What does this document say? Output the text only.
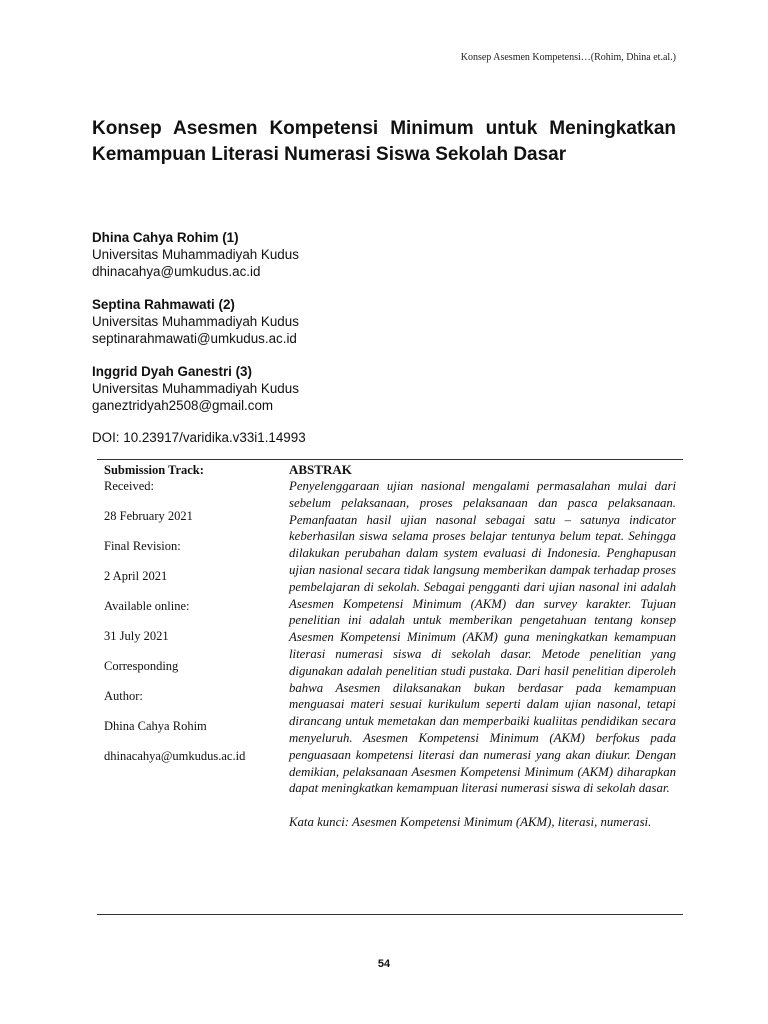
Konsep Asesmen Kompetensi…(Rohim, Dhina et.al.)
Konsep Asesmen Kompetensi Minimum untuk Meningkatkan Kemampuan Literasi Numerasi Siswa Sekolah Dasar
Dhina Cahya Rohim (1)
Universitas Muhammadiyah Kudus
dhinacahya@umkudus.ac.id
Septina Rahmawati (2)
Universitas Muhammadiyah Kudus
septinarahmawati@umkudus.ac.id
Inggrid Dyah Ganestri (3)
Universitas Muhammadiyah Kudus
ganeztridyah2508@gmail.com
DOI: 10.23917/varidika.v33i1.14993
Submission Track:
Received:
28 February 2021
Final Revision:
2 April 2021
Available online:
31 July 2021
Corresponding
Author:
Dhina Cahya Rohim
dhinacahya@umkudus.ac.id
ABSTRAK

Penyelenggaraan ujian nasional mengalami permasalahan mulai dari sebelum pelaksanaan, proses pelaksanaan dan pasca pelaksanaan. Pemanfaatan hasil ujian nasonal sebagai satu – satunya indicator keberhasilan siswa selama proses belajar tentunya belum tepat. Sehingga dilakukan perubahan dalam system evaluasi di Indonesia. Penghapusan ujian nasional secara tidak langsung memberikan dampak terhadap proses pembelajaran di sekolah. Sebagai pengganti dari ujian nasonal ini adalah Asesmen Kompetensi Minimum (AKM) dan survey karakter. Tujuan penelitian ini adalah untuk memberikan pengetahuan tentang konsep Asesmen Kompetensi Minimum (AKM) guna meningkatkan kemampuan literasi numerasi siswa di sekolah dasar. Metode penelitian yang digunakan adalah penelitian studi pustaka. Dari hasil penelitian diperoleh bahwa Asesmen dilaksanakan bukan berdasar pada kemampuan menguasai materi sesuai kurikulum seperti dalam ujian nasonal, tetapi dirancang untuk memetakan dan memperbaiki kualiitas pendidikan secara menyeluruh. Asesmen Kompetensi Minimum (AKM) berfokus pada penguasaan kompetensi literasi dan numerasi yang akan diukur. Dengan demikian, pelaksanaan Asesmen Kompetensi Minimum (AKM) diharapkan dapat meningkatkan kemampuan literasi numerasi siswa di sekolah dasar.

Kata kunci: Asesmen Kompetensi Minimum (AKM), literasi, numerasi.
54
